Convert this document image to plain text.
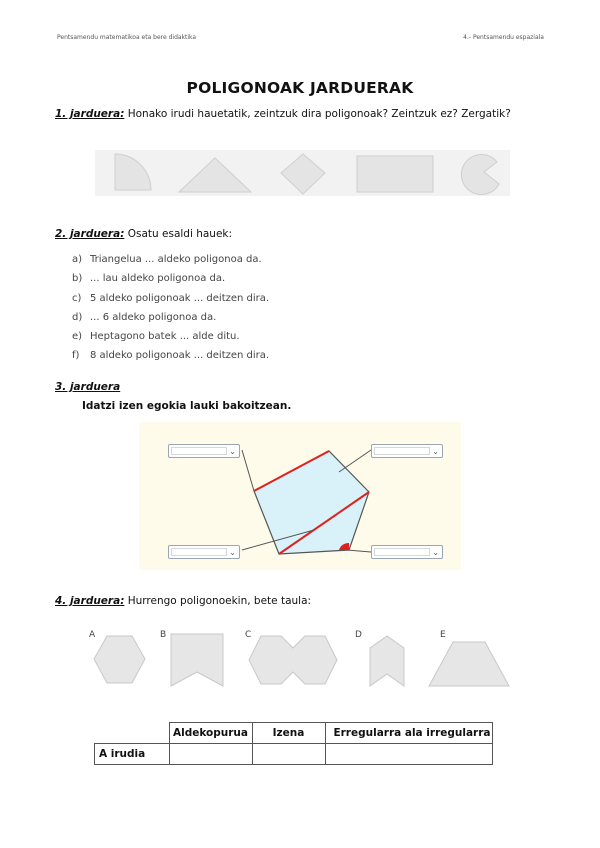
Pentsamendu matematikoa eta bere didaktika	4.- Pentsamendu espaziala
POLIGONOAK JARDUERAK
1. jarduera: Honako irudi hauetatik, zeintzuk dira poligonoak? Zeintzuk ez? Zergatik?
2. jarduera: Osatu esaldi hauek:
a) Triangelua ... aldeko poligonoa da.
b) ... lau aldeko poligonoa da.
c) 5 aldeko poligonoak ... deitzen dira.
d) ... 6 aldeko poligonoa da.
e) Heptagono batek ... alde ditu.
f)	8 aldeko poligonoak ... deitzen dira.
3. jarduera
Idatzi izen egokia lauki bakoitzean.
⌄	⌄
⌄	⌄
4. jarduera: Hurrengo poligonoekin, bete taula:
A	B	C	D	E
	Aldekopurua	Izena	Erregularra ala irregularra
A irudia			
